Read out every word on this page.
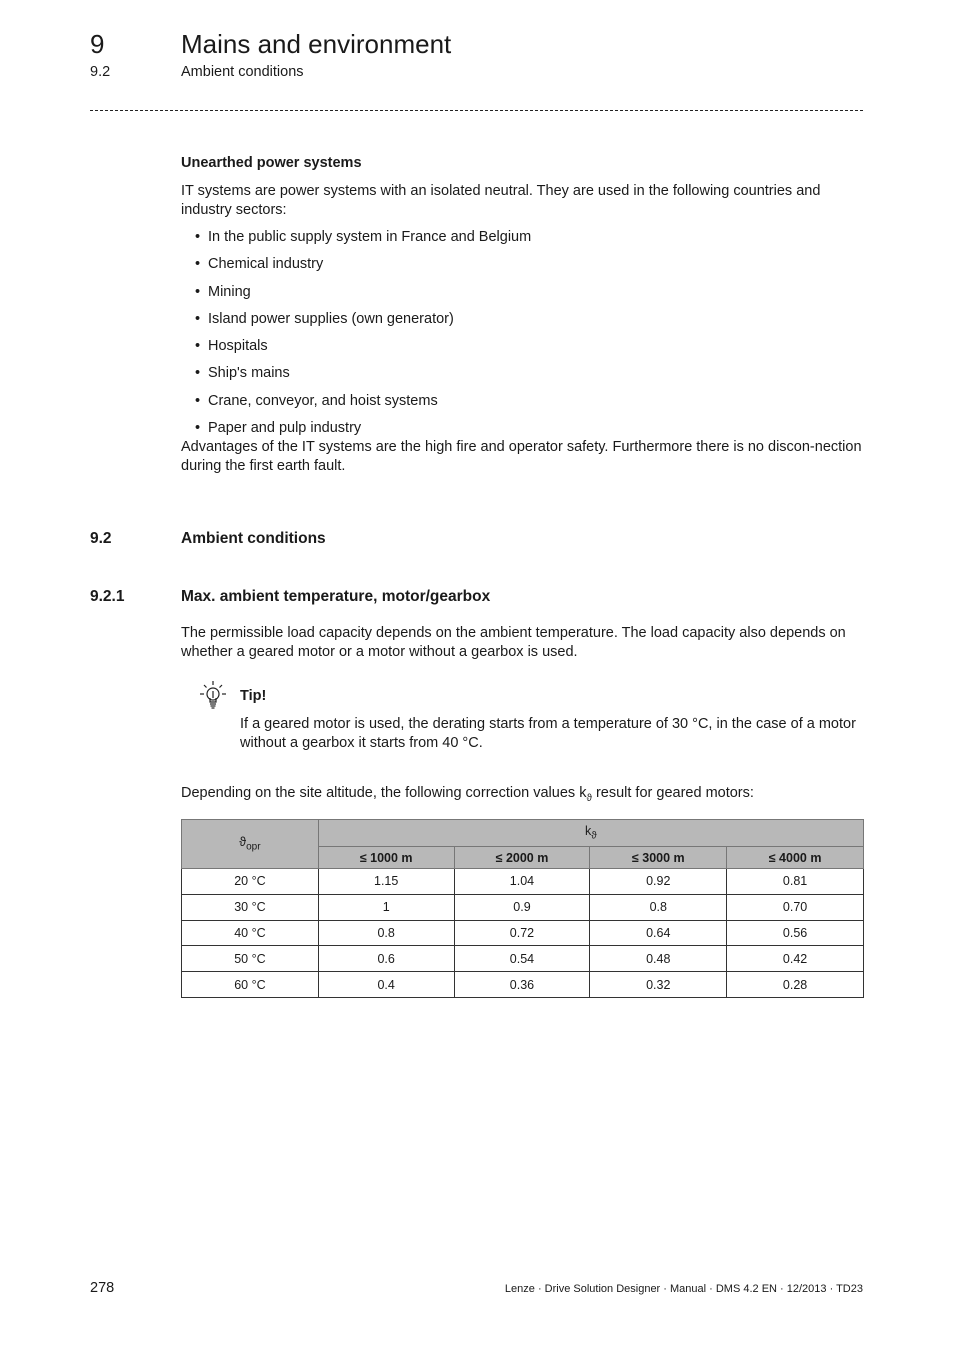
9	Mains and environment
9.2	Ambient conditions

Unearthed power systems

IT systems are power systems with an isolated neutral. They are used in the following countries and industry sectors:

• In the public supply system in France and Belgium
• Chemical industry
• Mining
• Island power supplies (own generator)
• Hospitals
• Ship's mains
• Crane, conveyor, and hoist systems
• Paper and pulp industry

Advantages of the IT systems are the high fire and operator safety. Furthermore there is no discon-nection during the first earth fault.

9.2	Ambient conditions
9.2.1	Max. ambient temperature, motor/gearbox
The permissible load capacity depends on the ambient temperature. The load capacity also depends on whether a geared motor or a motor without a gearbox is used.
Tip!
If a geared motor is used, the derating starts from a temperature of 30 °C, in the case of a motor without a gearbox it starts from 40 °C.
Depending on the site altitude, the following correction values $k_ϑ$ result for geared motors:
$ϑ_{opr}$	$k_ϑ$
	≤ 1000 m	≤ 2000 m	≤ 3000 m	≤ 4000 m
20 °C	1.15	1.04	0.92	0.81
30 °C	1	0.9	0.8	0.70
40 °C	0.8	0.72	0.64	0.56
50 °C	0.6	0.54	0.48	0.42
60 °C	0.4	0.36	0.32	0.28
278	Lenze · Drive Solution Designer · Manual · DMS 4.2 EN · 12/2013 · TD23
